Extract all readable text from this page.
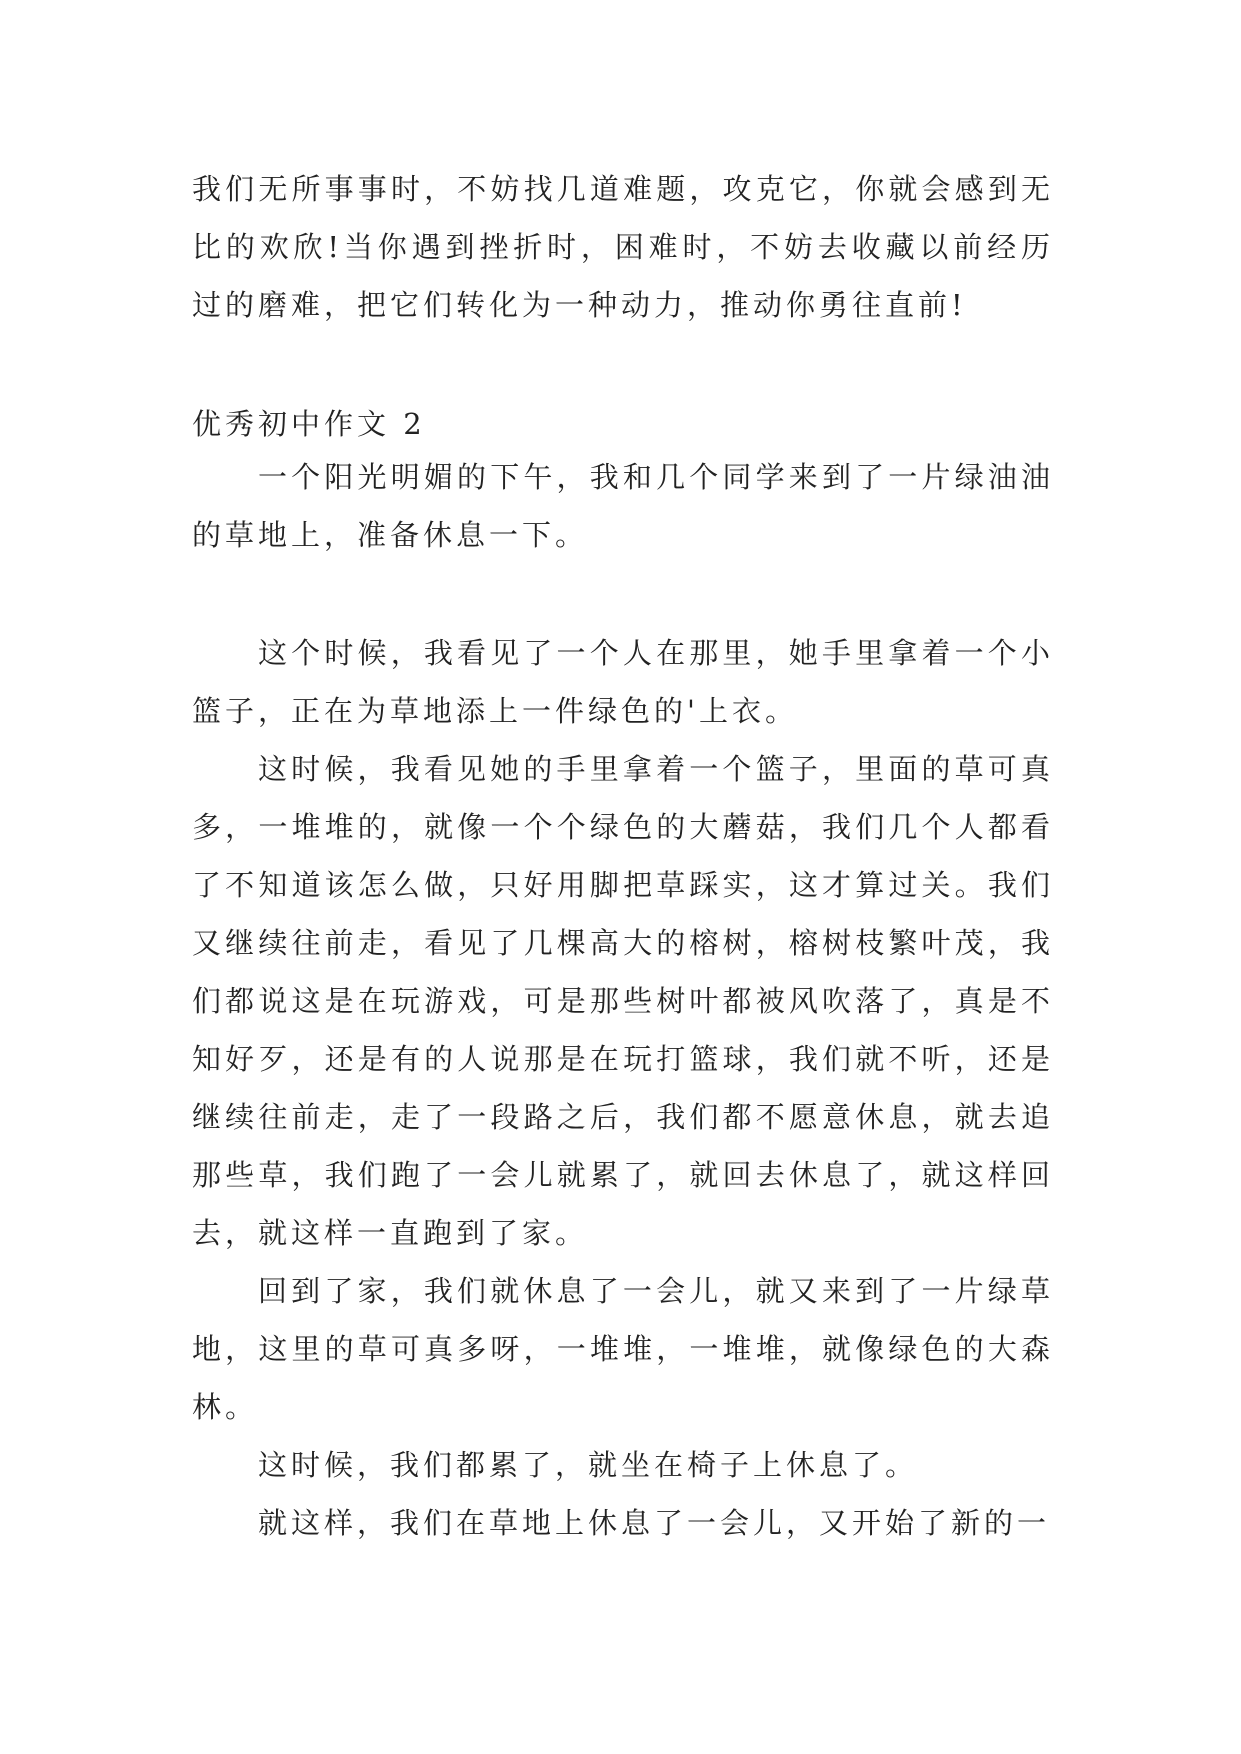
我们无所事事时，不妨找几道难题，攻克它，你就会感到无比的欢欣!当你遇到挫折时，困难时，不妨去收藏以前经历过的磨难，把它们转化为一种动力，推动你勇往直前!

优秀初中作文 2

一个阳光明媚的下午，我和几个同学来到了一片绿油油的草地上，准备休息一下。

这个时候，我看见了一个人在那里，她手里拿着一个小篮子，正在为草地添上一件绿色的'上衣。

这时候，我看见她的手里拿着一个篮子，里面的草可真多，一堆堆的，就像一个个绿色的大蘑菇，我们几个人都看了不知道该怎么做，只好用脚把草踩实，这才算过关。我们又继续往前走，看见了几棵高大的榕树，榕树枝繁叶茂，我们都说这是在玩游戏，可是那些树叶都被风吹落了，真是不知好歹，还是有的人说那是在玩打篮球，我们就不听，还是继续往前走，走了一段路之后，我们都不愿意休息，就去追那些草，我们跑了一会儿就累了，就回去休息了，就这样回去，就这样一直跑到了家。

回到了家，我们就休息了一会儿，就又来到了一片绿草地，这里的草可真多呀，一堆堆，一堆堆，就像绿色的大森林。

这时候，我们都累了，就坐在椅子上休息了。

就这样，我们在草地上休息了一会儿，又开始了新的一
